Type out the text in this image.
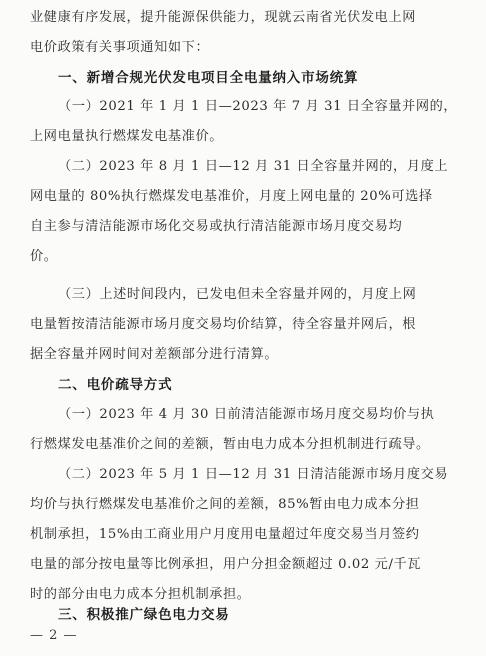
业健康有序发展，提升能源保供能力，现就云南省光伏发电上网
电价政策有关事项通知如下：
一、新增合规光伏发电项目全电量纳入市场统算
（一）2021 年 1 月 1 日—2023 年 7 月 31 日全容量并网的，
上网电量执行燃煤发电基准价。
（二）2023 年 8 月 1 日—12 月 31 日全容量并网的，月度上
网电量的 80%执行燃煤发电基准价，月度上网电量的 20%可选择
自主参与清洁能源市场化交易或执行清洁能源市场月度交易均
价。
（三）上述时间段内，已发电但未全容量并网的，月度上网
电量暂按清洁能源市场月度交易均价结算，待全容量并网后，根
据全容量并网时间对差额部分进行清算。
二、电价疏导方式
（一）2023 年 4 月 30 日前清洁能源市场月度交易均价与执
行燃煤发电基准价之间的差额，暂由电力成本分担机制进行疏导。
（二）2023 年 5 月 1 日—12 月 31 日清洁能源市场月度交易
均价与执行燃煤发电基准价之间的差额，85%暂由电力成本分担
机制承担，15%由工商业用户月度用电量超过年度交易当月签约
电量的部分按电量等比例承担，用户分担金额超过 0.02 元/千瓦
时的部分由电力成本分担机制承担。
三、积极推广绿色电力交易
— 2 —
